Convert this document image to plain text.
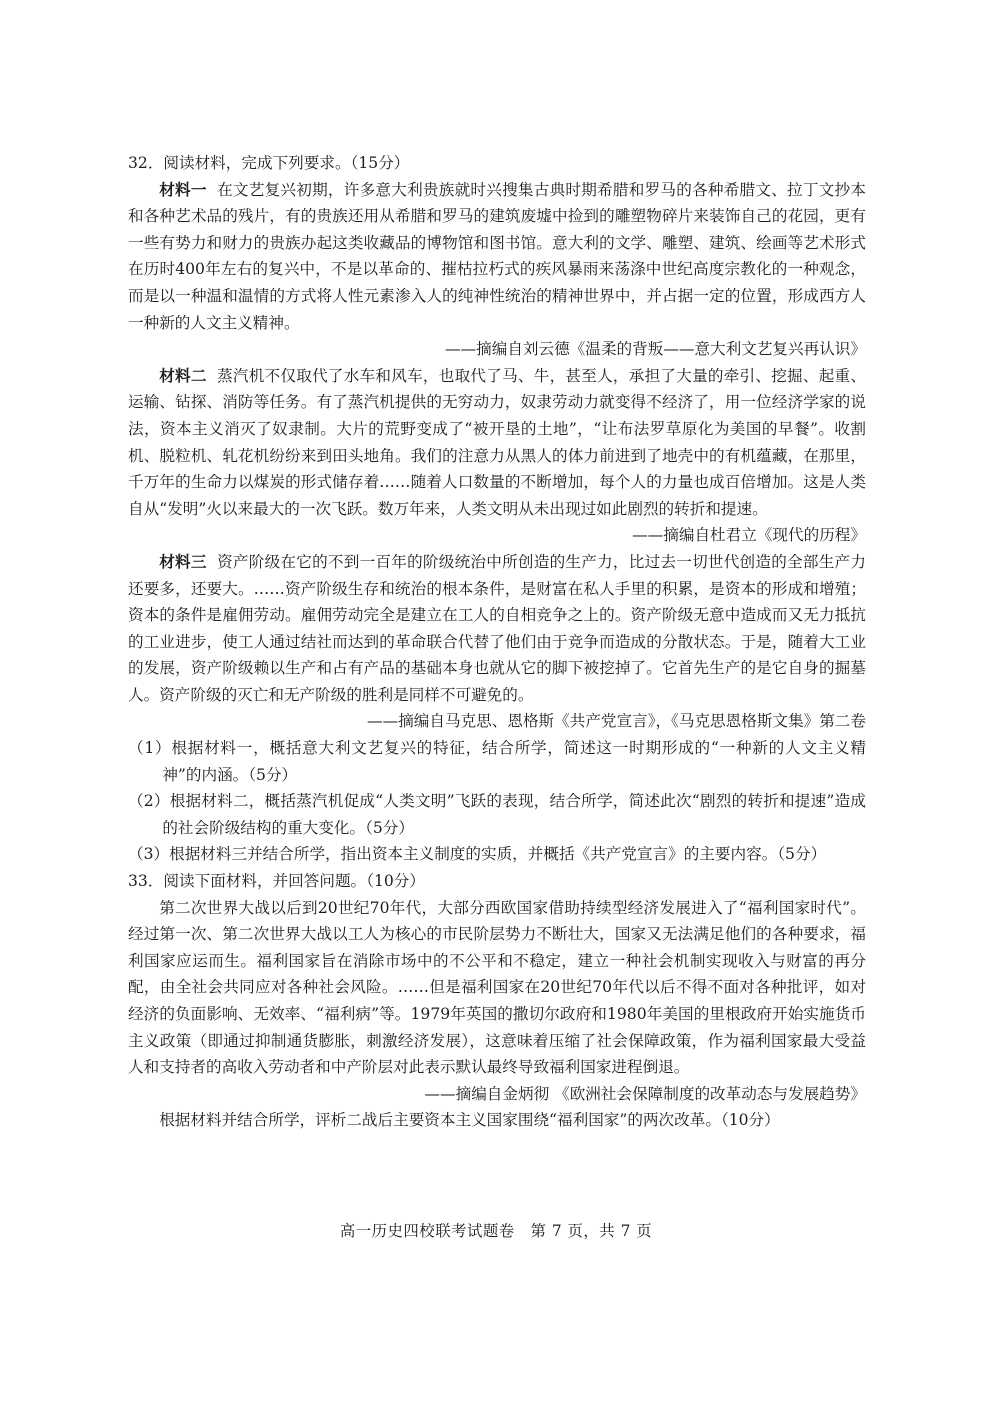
32．阅读材料，完成下列要求。（15分）

材料一 在文艺复兴初期，许多意大利贵族就时兴搜集古典时期希腊和罗马的各种希腊文、拉丁文抄本和各种艺术品的残片，有的贵族还用从希腊和罗马的建筑废墟中捡到的雕塑物碎片来装饰自己的花园，更有一些有势力和财力的贵族办起这类收藏品的博物馆和图书馆。意大利的文学、雕塑、建筑、绘画等艺术形式在历时400年左右的复兴中，不是以革命的、摧枯拉朽式的疾风暴雨来荡涤中世纪高度宗教化的一种观念，而是以一种温和温情的方式将人性元素渗入人的纯神性统治的精神世界中，并占据一定的位置，形成西方人一种新的人文主义精神。

——摘编自刘云德《温柔的背叛——意大利文艺复兴再认识》

材料二 蒸汽机不仅取代了水车和风车，也取代了马、牛，甚至人，承担了大量的牵引、挖掘、起重、运输、钻探、消防等任务。有了蒸汽机提供的无穷动力，奴隶劳动力就变得不经济了，用一位经济学家的说法，资本主义消灭了奴隶制。大片的荒野变成了“被开垦的土地”，“让布法罗草原化为美国的早餐”。收割机、脱粒机、轧花机纷纷来到田头地角。我们的注意力从黑人的体力前进到了地壳中的有机蕴藏，在那里，千万年的生命力以煤炭的形式储存着……随着人口数量的不断增加，每个人的力量也成百倍增加。这是人类自从“发明”火以来最大的一次飞跃。数万年来，人类文明从未出现过如此剧烈的转折和提速。

——摘编自杜君立《现代的历程》

材料三 资产阶级在它的不到一百年的阶级统治中所创造的生产力，比过去一切世代创造的全部生产力还要多，还要大。……资产阶级生存和统治的根本条件，是财富在私人手里的积累，是资本的形成和增殖；资本的条件是雇佣劳动。雇佣劳动完全是建立在工人的自相竞争之上的。资产阶级无意中造成而又无力抵抗的工业进步，使工人通过结社而达到的革命联合代替了他们由于竞争而造成的分散状态。于是，随着大工业的发展，资产阶级赖以生产和占有产品的基础本身也就从它的脚下被挖掉了。它首先生产的是它自身的掘墓人。资产阶级的灭亡和无产阶级的胜利是同样不可避免的。

——摘编自马克思、恩格斯《共产党宣言》，《马克思恩格斯文集》第二卷

（1）根据材料一，概括意大利文艺复兴的特征，结合所学，简述这一时期形成的“一种新的人文主义精神”的内涵。（5分）

（2）根据材料二，概括蒸汽机促成“人类文明”飞跃的表现，结合所学，简述此次“剧烈的转折和提速”造成的社会阶级结构的重大变化。（5分）

（3）根据材料三并结合所学，指出资本主义制度的实质，并概括《共产党宣言》的主要内容。（5分）

33．阅读下面材料，并回答问题。（10分）

第二次世界大战以后到20世纪70年代，大部分西欧国家借助持续型经济发展进入了“福利国家时代”。经过第一次、第二次世界大战以工人为核心的市民阶层势力不断壮大，国家又无法满足他们的各种要求，福利国家应运而生。福利国家旨在消除市场中的不公平和不稳定，建立一种社会机制实现收入与财富的再分配，由全社会共同应对各种社会风险。……但是福利国家在20世纪70年代以后不得不面对各种批评，如对经济的负面影响、无效率、“福利病”等。1979年英国的撒切尔政府和1980年美国的里根政府开始实施货币主义政策（即通过抑制通货膨胀，刺激经济发展），这意味着压缩了社会保障政策，作为福利国家最大受益人和支持者的高收入劳动者和中产阶层对此表示默认最终导致福利国家进程倒退。

——摘编自金炳彻 《欧洲社会保障制度的改革动态与发展趋势》

根据材料并结合所学，评析二战后主要资本主义国家围绕“福利国家”的两次改革。（10分）

高一历史四校联考试题卷　第 7 页，共 7 页
